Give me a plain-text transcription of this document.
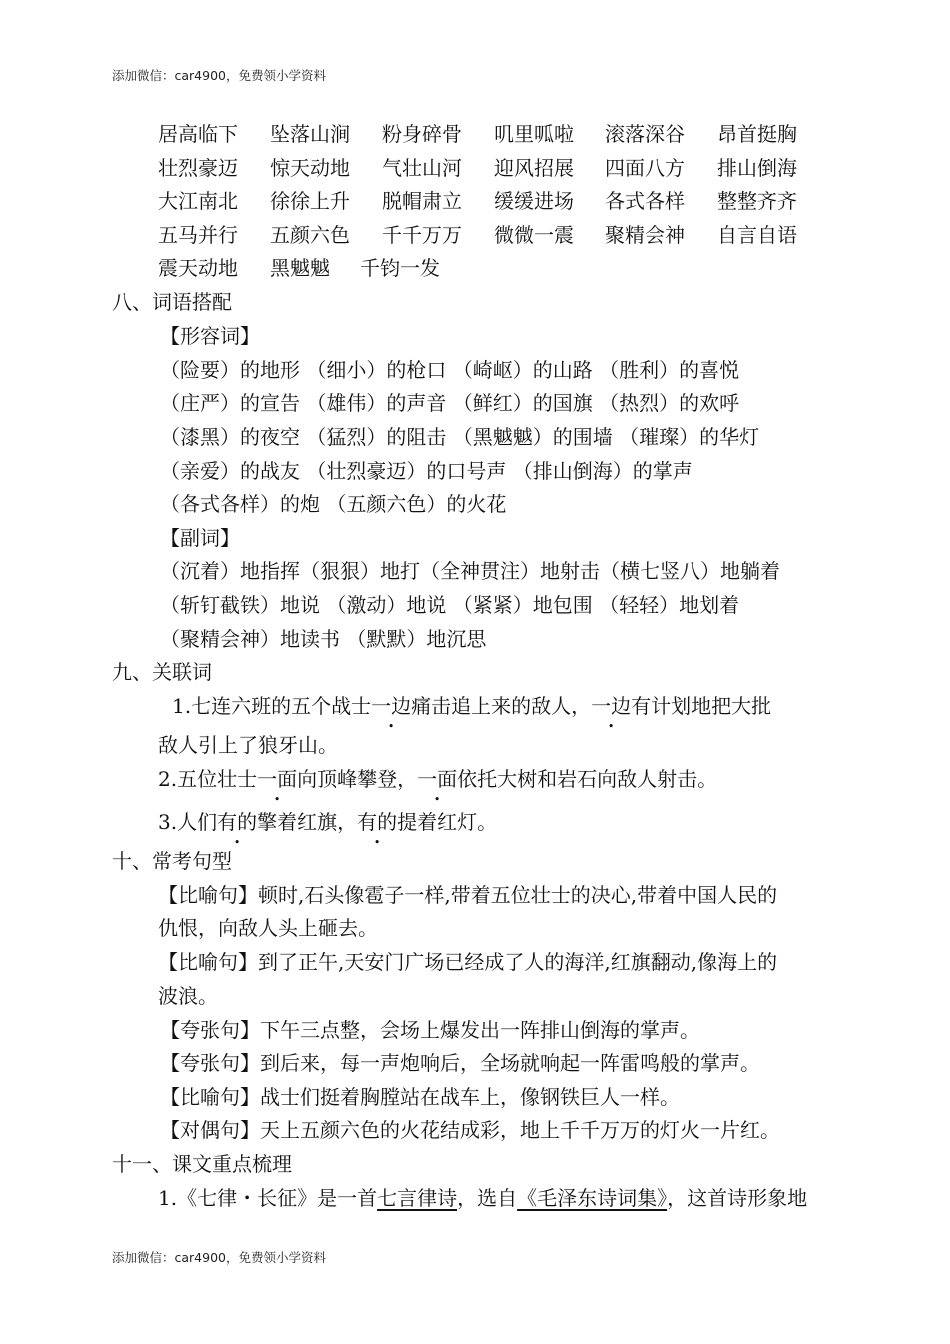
添加微信：car4900，免费领小学资料
居高临下 坠落山涧 粉身碎骨 叽里呱啦 滚落深谷 昂首挺胸
壮烈豪迈 惊天动地 气壮山河 迎风招展 四面八方 排山倒海
大江南北 徐徐上升 脱帽肃立 缓缓进场 各式各样 整整齐齐
五马并行 五颜六色 千千万万 微微一震 聚精会神 自言自语
震天动地 黑魆魆 千钧一发
八、词语搭配
【形容词】
（险要）的地形 （细小）的枪口 （崎岖）的山路 （胜利）的喜悦
（庄严）的宣告 （雄伟）的声音 （鲜红）的国旗 （热烈）的欢呼
（漆黑）的夜空 （猛烈）的阻击 （黑魆魆）的围墙 （璀璨）的华灯
（亲爱）的战友 （壮烈豪迈）的口号声 （排山倒海）的掌声
（各式各样）的炮 （五颜六色）的火花
【副词】
（沉着）地指挥（狠狠）地打（全神贯注）地射击（横七竖八）地躺着
（斩钉截铁）地说 （激动）地说 （紧紧）地包围 （轻轻）地划着
（聚精会神）地读书 （默默）地沉思
九、关联词
1.七连六班的五个战士一边痛击追上来的敌人，一边有计划地把大批
敌人引上了狼牙山。
2.五位壮士一面向顶峰攀登，一面依托大树和岩石向敌人射击。
3.人们有的擎着红旗，有的提着红灯。
十、常考句型
【比喻句】顿时,石头像雹子一样,带着五位壮士的决心,带着中国人民的
仇恨，向敌人头上砸去。
【比喻句】到了正午,天安门广场已经成了人的海洋,红旗翻动,像海上的
波浪。
【夸张句】下午三点整，会场上爆发出一阵排山倒海的掌声。
【夸张句】到后来，每一声炮响后，全场就响起一阵雷鸣般的掌声。
【比喻句】战士们挺着胸膛站在战车上，像钢铁巨人一样。
【对偶句】天上五颜六色的火花结成彩，地上千千万万的灯火一片红。
十一、课文重点梳理
1.《七律・长征》是一首七言律诗，选自《毛泽东诗词集》，这首诗形象地
添加微信：car4900，免费领小学资料
